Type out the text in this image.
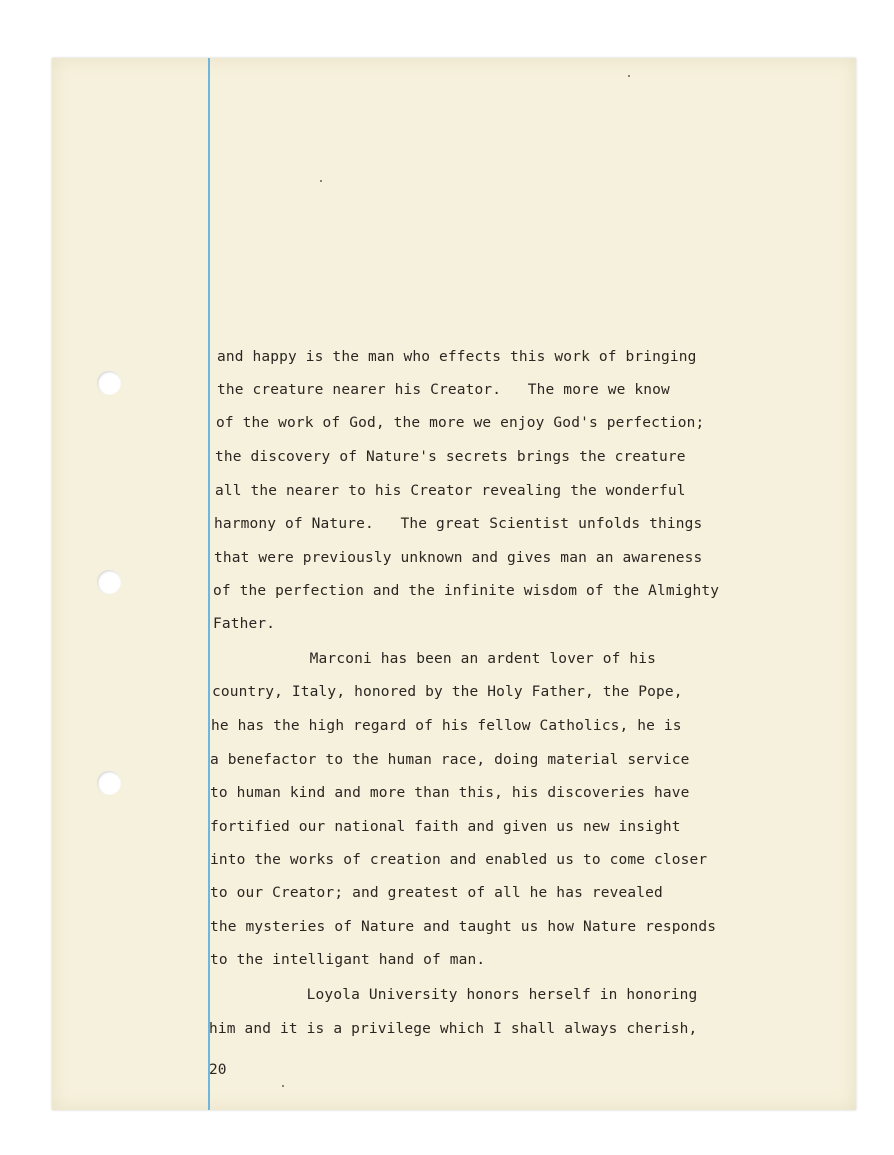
and happy is the man who effects this work of bringing
the creature nearer his Creator.   The more we know
of the work of God, the more we enjoy God's perfection;
the discovery of Nature's secrets brings the creature
all the nearer to his Creator revealing the wonderful
harmony of Nature.   The great Scientist unfolds things
that were previously unknown and gives man an awareness
of the perfection and the infinite wisdom of the Almighty
Father.
Marconi has been an ardent lover of his
country, Italy, honored by the Holy Father, the Pope,
he has the high regard of his fellow Catholics, he is
a benefactor to the human race, doing material service
to human kind and more than this, his discoveries have
fortified our national faith and given us new insight
into the works of creation and enabled us to come closer
to our Creator; and greatest of all he has revealed
the mysteries of Nature and taught us how Nature responds
to the intelligant hand of man.
Loyola University honors herself in honoring
him and it is a privilege which I shall always cherish,
20
